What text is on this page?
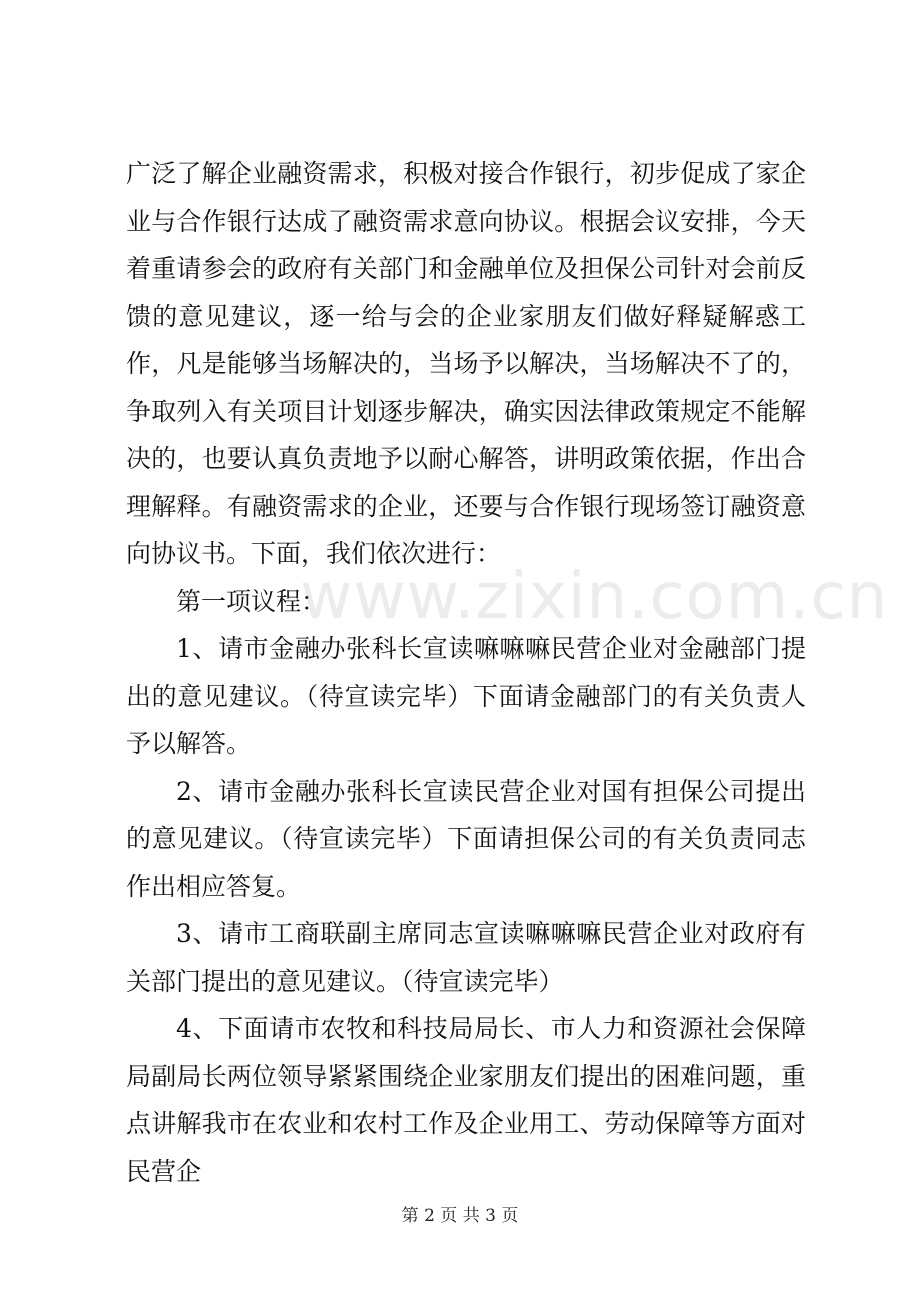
www.zixin.com.cn

广泛了解企业融资需求，积极对接合作银行，初步促成了家企业与合作银行达成了融资需求意向协议。根据会议安排，今天着重请参会的政府有关部门和金融单位及担保公司针对会前反馈的意见建议，逐一给与会的企业家朋友们做好释疑解惑工作，凡是能够当场解决的，当场予以解决，当场解决不了的，争取列入有关项目计划逐步解决，确实因法律政策规定不能解决的，也要认真负责地予以耐心解答，讲明政策依据，作出合理解释。有融资需求的企业，还要与合作银行现场签订融资意向协议书。下面，我们依次进行：

第一项议程：

1、请市金融办张科长宣读嘛嘛嘛民营企业对金融部门提出的意见建议。（待宣读完毕）下面请金融部门的有关负责人予以解答。

2、请市金融办张科长宣读民营企业对国有担保公司提出的意见建议。（待宣读完毕）下面请担保公司的有关负责同志作出相应答复。

3、请市工商联副主席同志宣读嘛嘛嘛民营企业对政府有关部门提出的意见建议。（待宣读完毕）

4、下面请市农牧和科技局局长、市人力和资源社会保障局副局长两位领导紧紧围绕企业家朋友们提出的困难问题，重点讲解我市在农业和农村工作及企业用工、劳动保障等方面对民营企

第 2 页 共 3 页
